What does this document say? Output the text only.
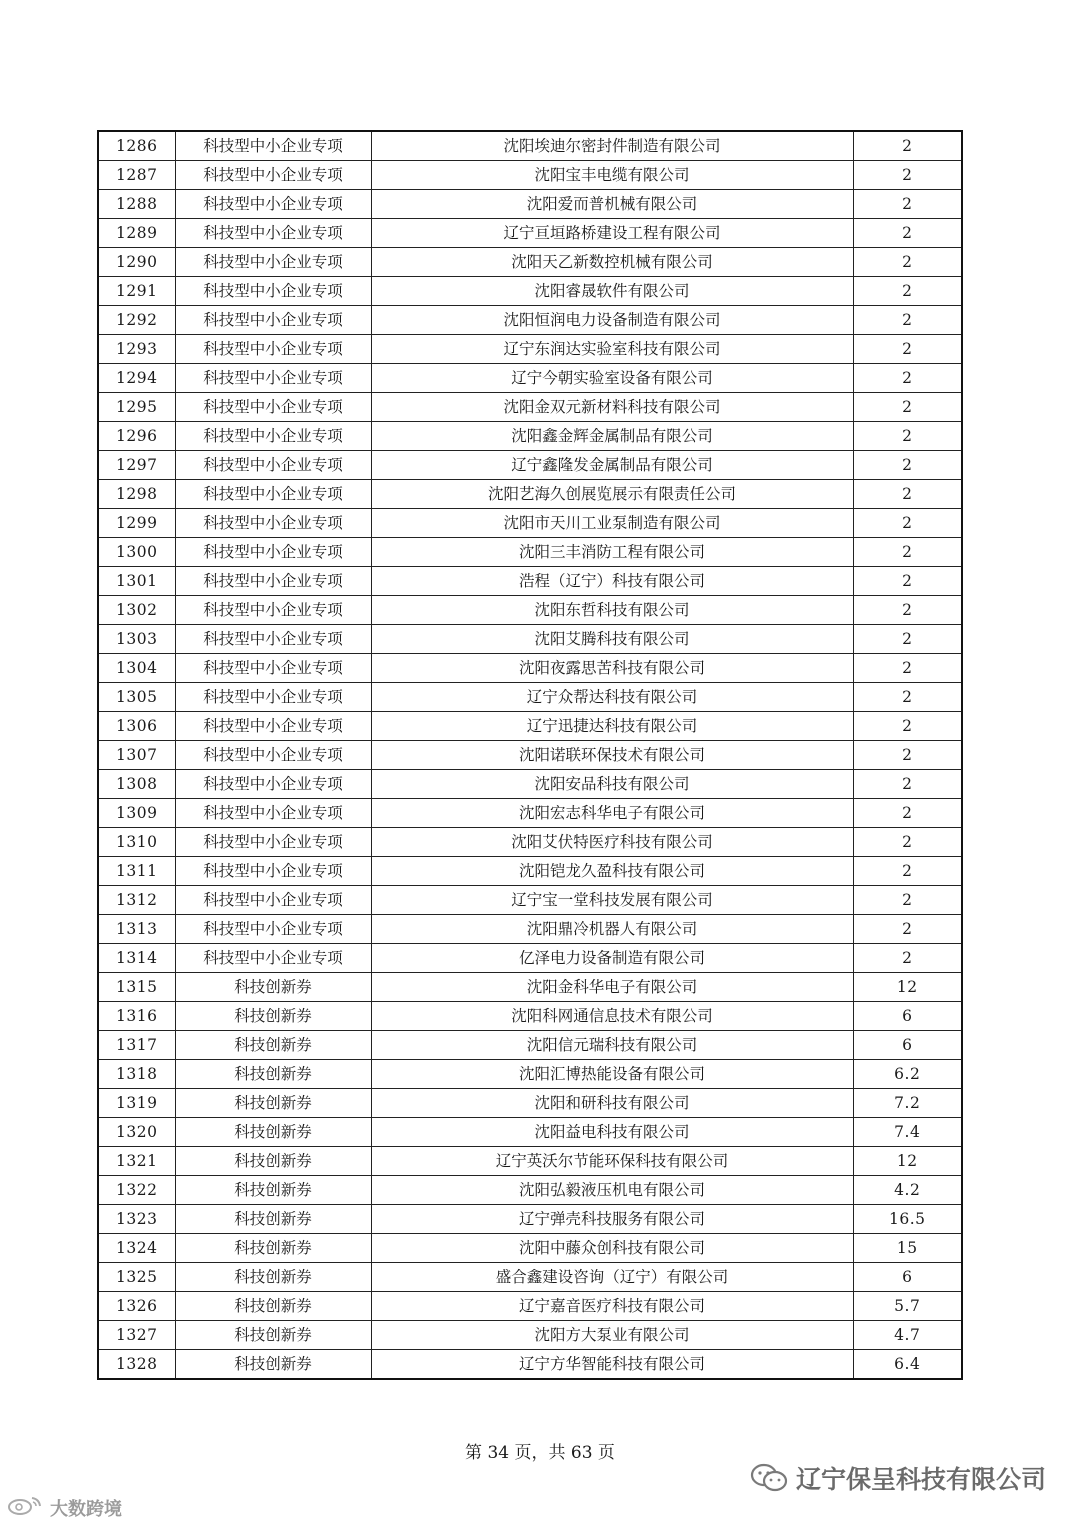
1286	科技型中小企业专项	沈阳埃迪尔密封件制造有限公司	2
1287	科技型中小企业专项	沈阳宝丰电缆有限公司	2
1288	科技型中小企业专项	沈阳爱而普机械有限公司	2
1289	科技型中小企业专项	辽宁亘垣路桥建设工程有限公司	2
1290	科技型中小企业专项	沈阳天乙新数控机械有限公司	2
1291	科技型中小企业专项	沈阳睿晟软件有限公司	2
1292	科技型中小企业专项	沈阳恒润电力设备制造有限公司	2
1293	科技型中小企业专项	辽宁东润达实验室科技有限公司	2
1294	科技型中小企业专项	辽宁今朝实验室设备有限公司	2
1295	科技型中小企业专项	沈阳金双元新材料科技有限公司	2
1296	科技型中小企业专项	沈阳鑫金辉金属制品有限公司	2
1297	科技型中小企业专项	辽宁鑫隆发金属制品有限公司	2
1298	科技型中小企业专项	沈阳艺海久创展览展示有限责任公司	2
1299	科技型中小企业专项	沈阳市天川工业泵制造有限公司	2
1300	科技型中小企业专项	沈阳三丰消防工程有限公司	2
1301	科技型中小企业专项	浩程（辽宁）科技有限公司	2
1302	科技型中小企业专项	沈阳东哲科技有限公司	2
1303	科技型中小企业专项	沈阳艾腾科技有限公司	2
1304	科技型中小企业专项	沈阳夜露思苦科技有限公司	2
1305	科技型中小企业专项	辽宁众帮达科技有限公司	2
1306	科技型中小企业专项	辽宁迅捷达科技有限公司	2
1307	科技型中小企业专项	沈阳诺联环保技术有限公司	2
1308	科技型中小企业专项	沈阳安品科技有限公司	2
1309	科技型中小企业专项	沈阳宏志科华电子有限公司	2
1310	科技型中小企业专项	沈阳艾伏特医疗科技有限公司	2
1311	科技型中小企业专项	沈阳铠龙久盈科技有限公司	2
1312	科技型中小企业专项	辽宁宝一堂科技发展有限公司	2
1313	科技型中小企业专项	沈阳鼎冷机器人有限公司	2
1314	科技型中小企业专项	亿泽电力设备制造有限公司	2
1315	科技创新券	沈阳金科华电子有限公司	12
1316	科技创新券	沈阳科网通信息技术有限公司	6
1317	科技创新券	沈阳信元瑞科技有限公司	6
1318	科技创新券	沈阳汇博热能设备有限公司	6.2
1319	科技创新券	沈阳和研科技有限公司	7.2
1320	科技创新券	沈阳益电科技有限公司	7.4
1321	科技创新券	辽宁英沃尔节能环保科技有限公司	12
1322	科技创新券	沈阳弘毅液压机电有限公司	4.2
1323	科技创新券	辽宁弹壳科技服务有限公司	16.5
1324	科技创新券	沈阳中藤众创科技有限公司	15
1325	科技创新券	盛合鑫建设咨询（辽宁）有限公司	6
1326	科技创新券	辽宁嘉音医疗科技有限公司	5.7
1327	科技创新券	沈阳方大泵业有限公司	4.7
1328	科技创新券	辽宁方华智能科技有限公司	6.4
第 34 页，共 63 页
辽宁保呈科技有限公司
大数跨境
